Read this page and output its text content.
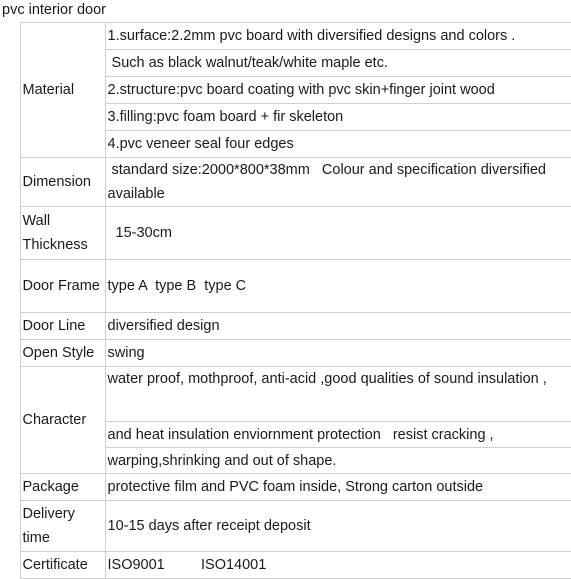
pvc interior door
	Material	1.surface:2.2mm pvc board with diversified designs and colors .
		Such as black walnut/teak/white maple etc.
		2.structure:pvc board coating with pvc skin+finger joint wood
		3.filling:pvc foam board + fir skeleton
		4.pvc veneer seal four edges
	Dimension	standard size:2000*800*38mm   Colour and specification diversified available
	Wall Thickness	15-30cm
	Door Frame	type A  type B  type C
	Door Line	diversified design
	Open Style	swing
	Character	water proof, mothproof, anti-acid ,good qualities of sound insulation ,
		and heat insulation enviornment protection   resist cracking ,
		warping,shrinking and out of shape.
	Package	protective film and PVC foam inside, Strong carton outside
	Delivery time	10-15 days after receipt deposit
	Certificate	ISO9001         ISO14001
